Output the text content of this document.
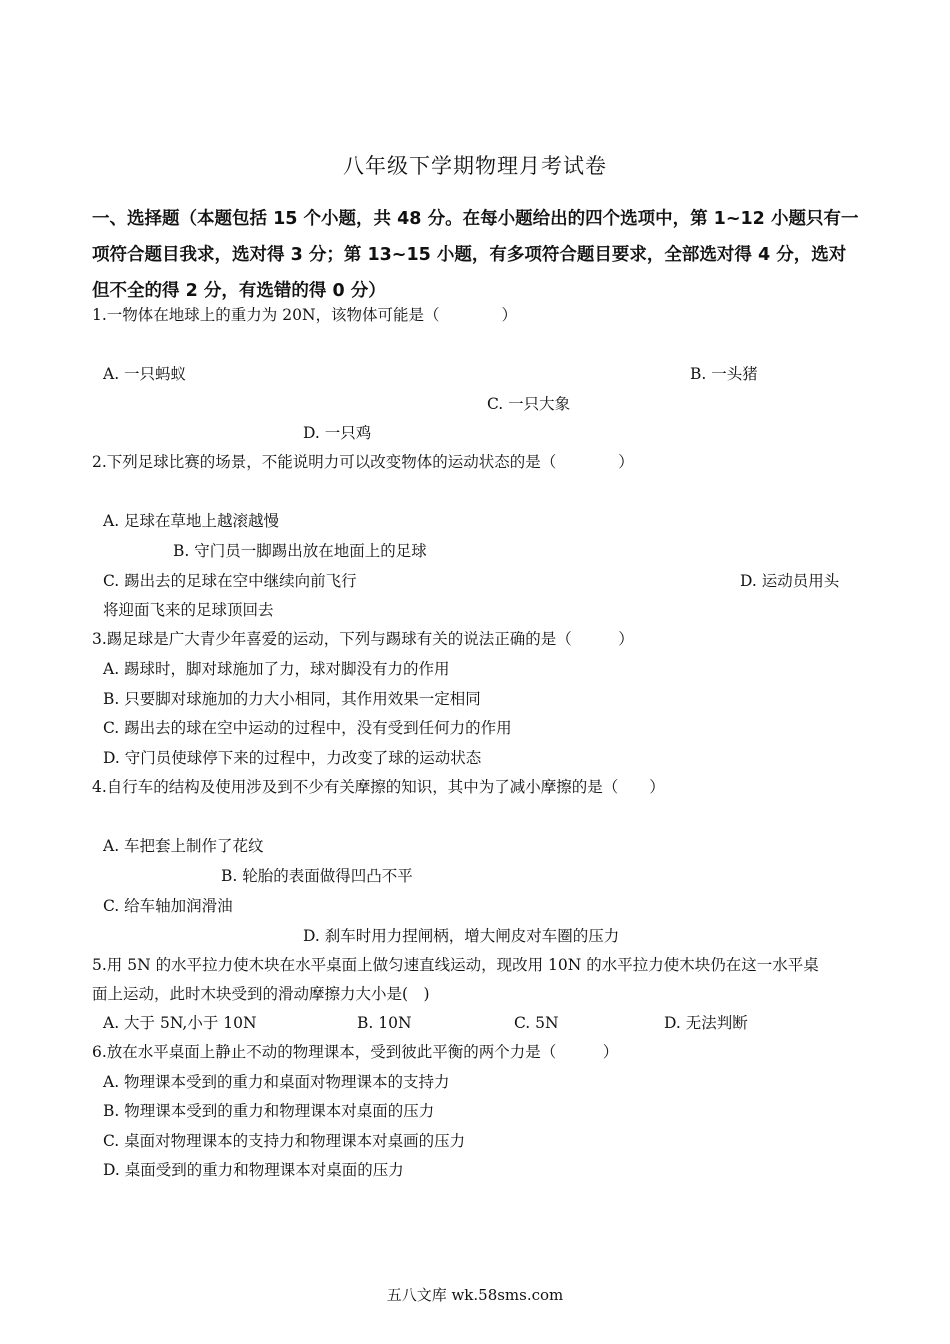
八年级下学期物理月考试卷
一、选择题（本题包括 15 个小题，共 48 分。在每小题给出的四个选项中，第 1~12 小题只有一项符合题目我求，选对得 3 分；第 13~15 小题，有多项符合题目要求，全部选对得 4 分，选对但不全的得 2 分，有选错的得 0 分）
1.一物体在地球上的重力为 20N，该物体可能是（　　　　）
A. 一只蚂蚁	B. 一头猪
C. 一只大象
D. 一只鸡
2.下列足球比赛的场景，不能说明力可以改变物体的运动状态的是（　　　　）
A. 足球在草地上越滚越慢
B. 守门员一脚踢出放在地面上的足球
C. 踢出去的足球在空中继续向前飞行	D. 运动员用头
将迎面飞来的足球顶回去
3.踢足球是广大青少年喜爱的运动，下列与踢球有关的说法正确的是（　　　）
A. 踢球时，脚对球施加了力，球对脚没有力的作用
B. 只要脚对球施加的力大小相同，其作用效果一定相同
C. 踢出去的球在空中运动的过程中，没有受到任何力的作用
D. 守门员使球停下来的过程中，力改变了球的运动状态
4.自行车的结构及使用涉及到不少有关摩擦的知识，其中为了减小摩擦的是（　　）
A. 车把套上制作了花纹
B. 轮胎的表面做得凹凸不平
C. 给车轴加润滑油
D. 刹车时用力捏闸柄，增大闸皮对车圈的压力
5.用 5N 的水平拉力使木块在水平桌面上做匀速直线运动，现改用 10N 的水平拉力使木块仍在这一水平桌
面上运动，此时木块受到的滑动摩擦力大小是(　)
A. 大于 5N,小于 10N	B. 10N	C. 5N	D. 无法判断
6.放在水平桌面上静止不动的物理课本，受到彼此平衡的两个力是（　　　）
A. 物理课本受到的重力和桌面对物理课本的支持力
B. 物理课本受到的重力和物理课本对桌面的压力
C. 桌面对物理课本的支持力和物理课本对桌画的压力
D. 桌面受到的重力和物理课本对桌面的压力
五八文库 wk.58sms.com
